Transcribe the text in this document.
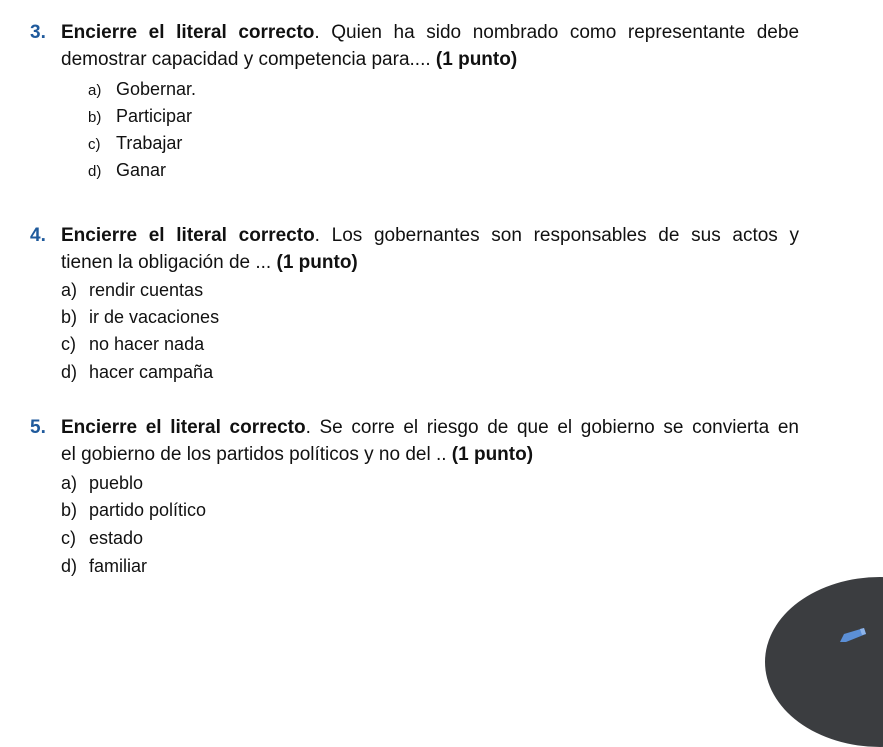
3. Encierre el literal correcto. Quien ha sido nombrado como representante debe
demostrar capacidad y competencia para.... (1 punto)
a) Gobernar.
b) Participar
c) Trabajar
d) Ganar
4. Encierre el literal correcto. Los gobernantes son responsables de sus actos y
tienen la obligación de ... (1 punto)
a) rendir cuentas
b) ir de vacaciones
c) no hacer nada
d) hacer campaña
5. Encierre el literal correcto. Se corre el riesgo de que el gobierno se convierta en
el gobierno de los partidos políticos y no del .. (1 punto)
a) pueblo
b) partido político
c) estado
d) familiar
